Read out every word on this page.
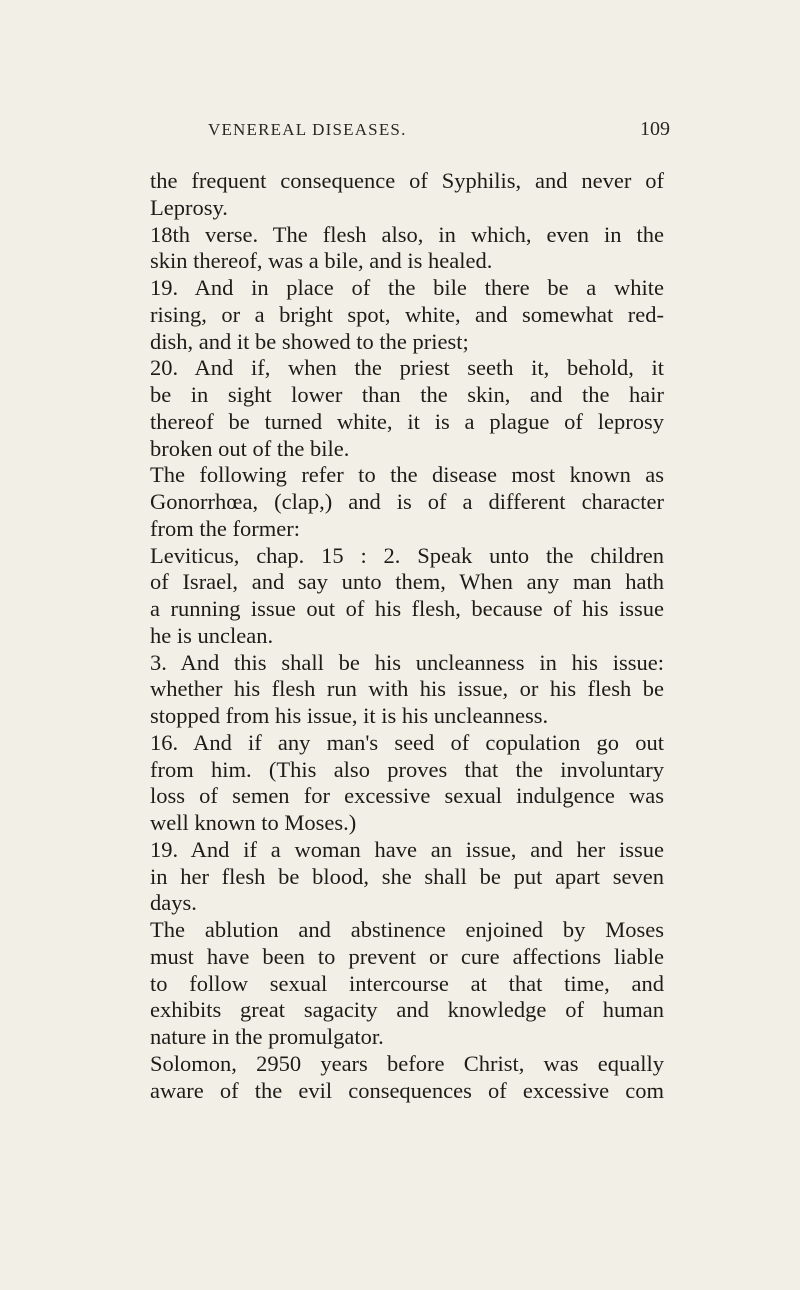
VENEREAL DISEASES.	109
the frequent consequence of Syphilis, and never of
Leprosy.
18th verse. The flesh also, in which, even in the
skin thereof, was a bile, and is healed.
19. And in place of the bile there be a white
rising, or a bright spot, white, and somewhat red-
dish, and it be showed to the priest;
20. And if, when the priest seeth it, behold, it
be in sight lower than the skin, and the hair
thereof be turned white, it is a plague of leprosy
broken out of the bile.
The following refer to the disease most known as
Gonorrhœa, (clap,) and is of a different character
from the former:
Leviticus, chap. 15 : 2. Speak unto the children
of Israel, and say unto them, When any man hath
a running issue out of his flesh, because of his issue
he is unclean.
3. And this shall be his uncleanness in his issue:
whether his flesh run with his issue, or his flesh be
stopped from his issue, it is his uncleanness.
16. And if any man's seed of copulation go out
from him. (This also proves that the involuntary
loss of semen for excessive sexual indulgence was
well known to Moses.)
19. And if a woman have an issue, and her issue
in her flesh be blood, she shall be put apart seven
days.
The ablution and abstinence enjoined by Moses
must have been to prevent or cure affections liable
to follow sexual intercourse at that time, and
exhibits great sagacity and knowledge of human
nature in the promulgator.
Solomon, 2950 years before Christ, was equally
aware of the evil consequences of excessive com
